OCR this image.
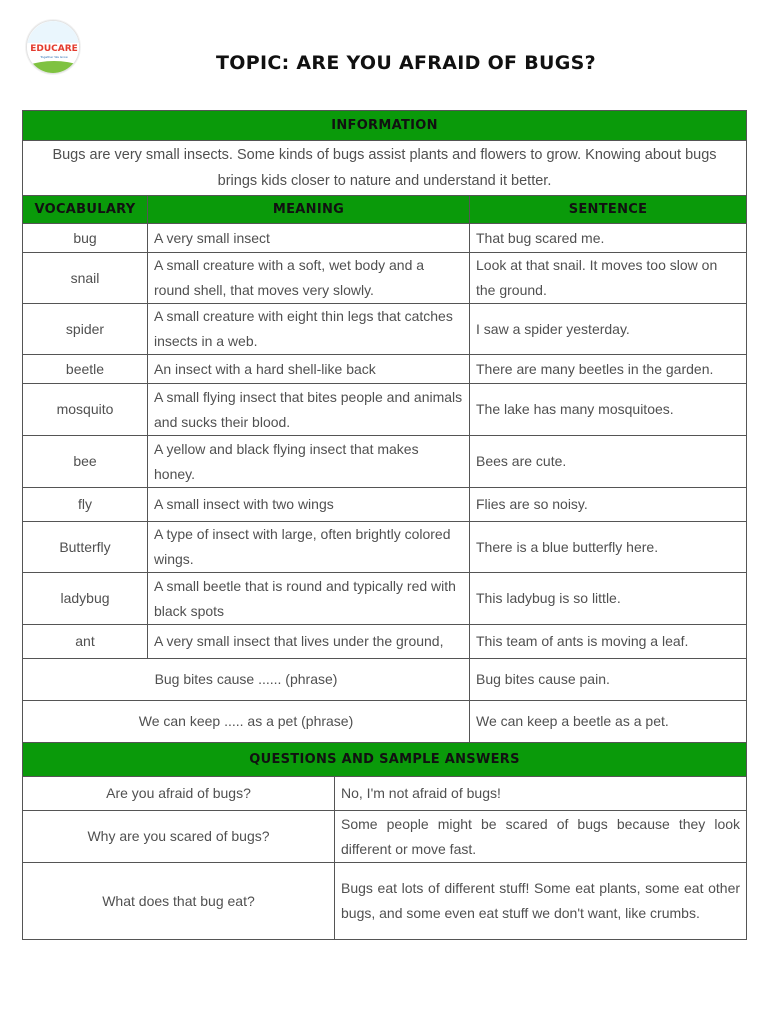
EDUCARE
Together We Grow	TOPIC: ARE YOU AFRAID OF BUGS?
INFORMATION		
Bugs are very small insects. Some kinds of bugs assist plants and flowers to grow. Knowing about bugs brings kids closer to nature and understand it better.		
VOCABULARY	MEANING	SENTENCE
bug	A very small insect	That bug scared me.
snail	A small creature with a soft, wet body and a round shell, that moves very slowly.	Look at that snail. It moves too slow on the ground.
spider	A small creature with eight thin legs that catches insects in a web.	I saw a spider yesterday.
beetle	An insect with a hard shell-like back	There are many beetles in the garden.
mosquito	A small flying insect that bites people and animals and sucks their blood.	The lake has many mosquitoes.
bee	A yellow and black flying insect that makes honey.	Bees are cute.
fly	A small insect with two wings	Flies are so noisy.
Butterfly	A type of insect with large, often brightly colored wings.	There is a blue butterfly here.
ladybug	A small beetle that is round and typically red with black spots	This ladybug is so little.
ant	A very small insect that lives under the ground,	This team of ants is moving a leaf.
Bug bites cause ...... (phrase)		Bug bites cause pain.
We can keep ..... as a pet (phrase)		We can keep a beetle as a pet.
QUESTIONS AND SAMPLE ANSWERS	
Are you afraid of bugs?	No, I'm not afraid of bugs!
Why are you scared of bugs?	Some people might be scared of bugs because they look different or move fast.
What does that bug eat?	Bugs eat lots of different stuff! Some eat plants, some eat other bugs, and some even eat stuff we don't want, like crumbs.
